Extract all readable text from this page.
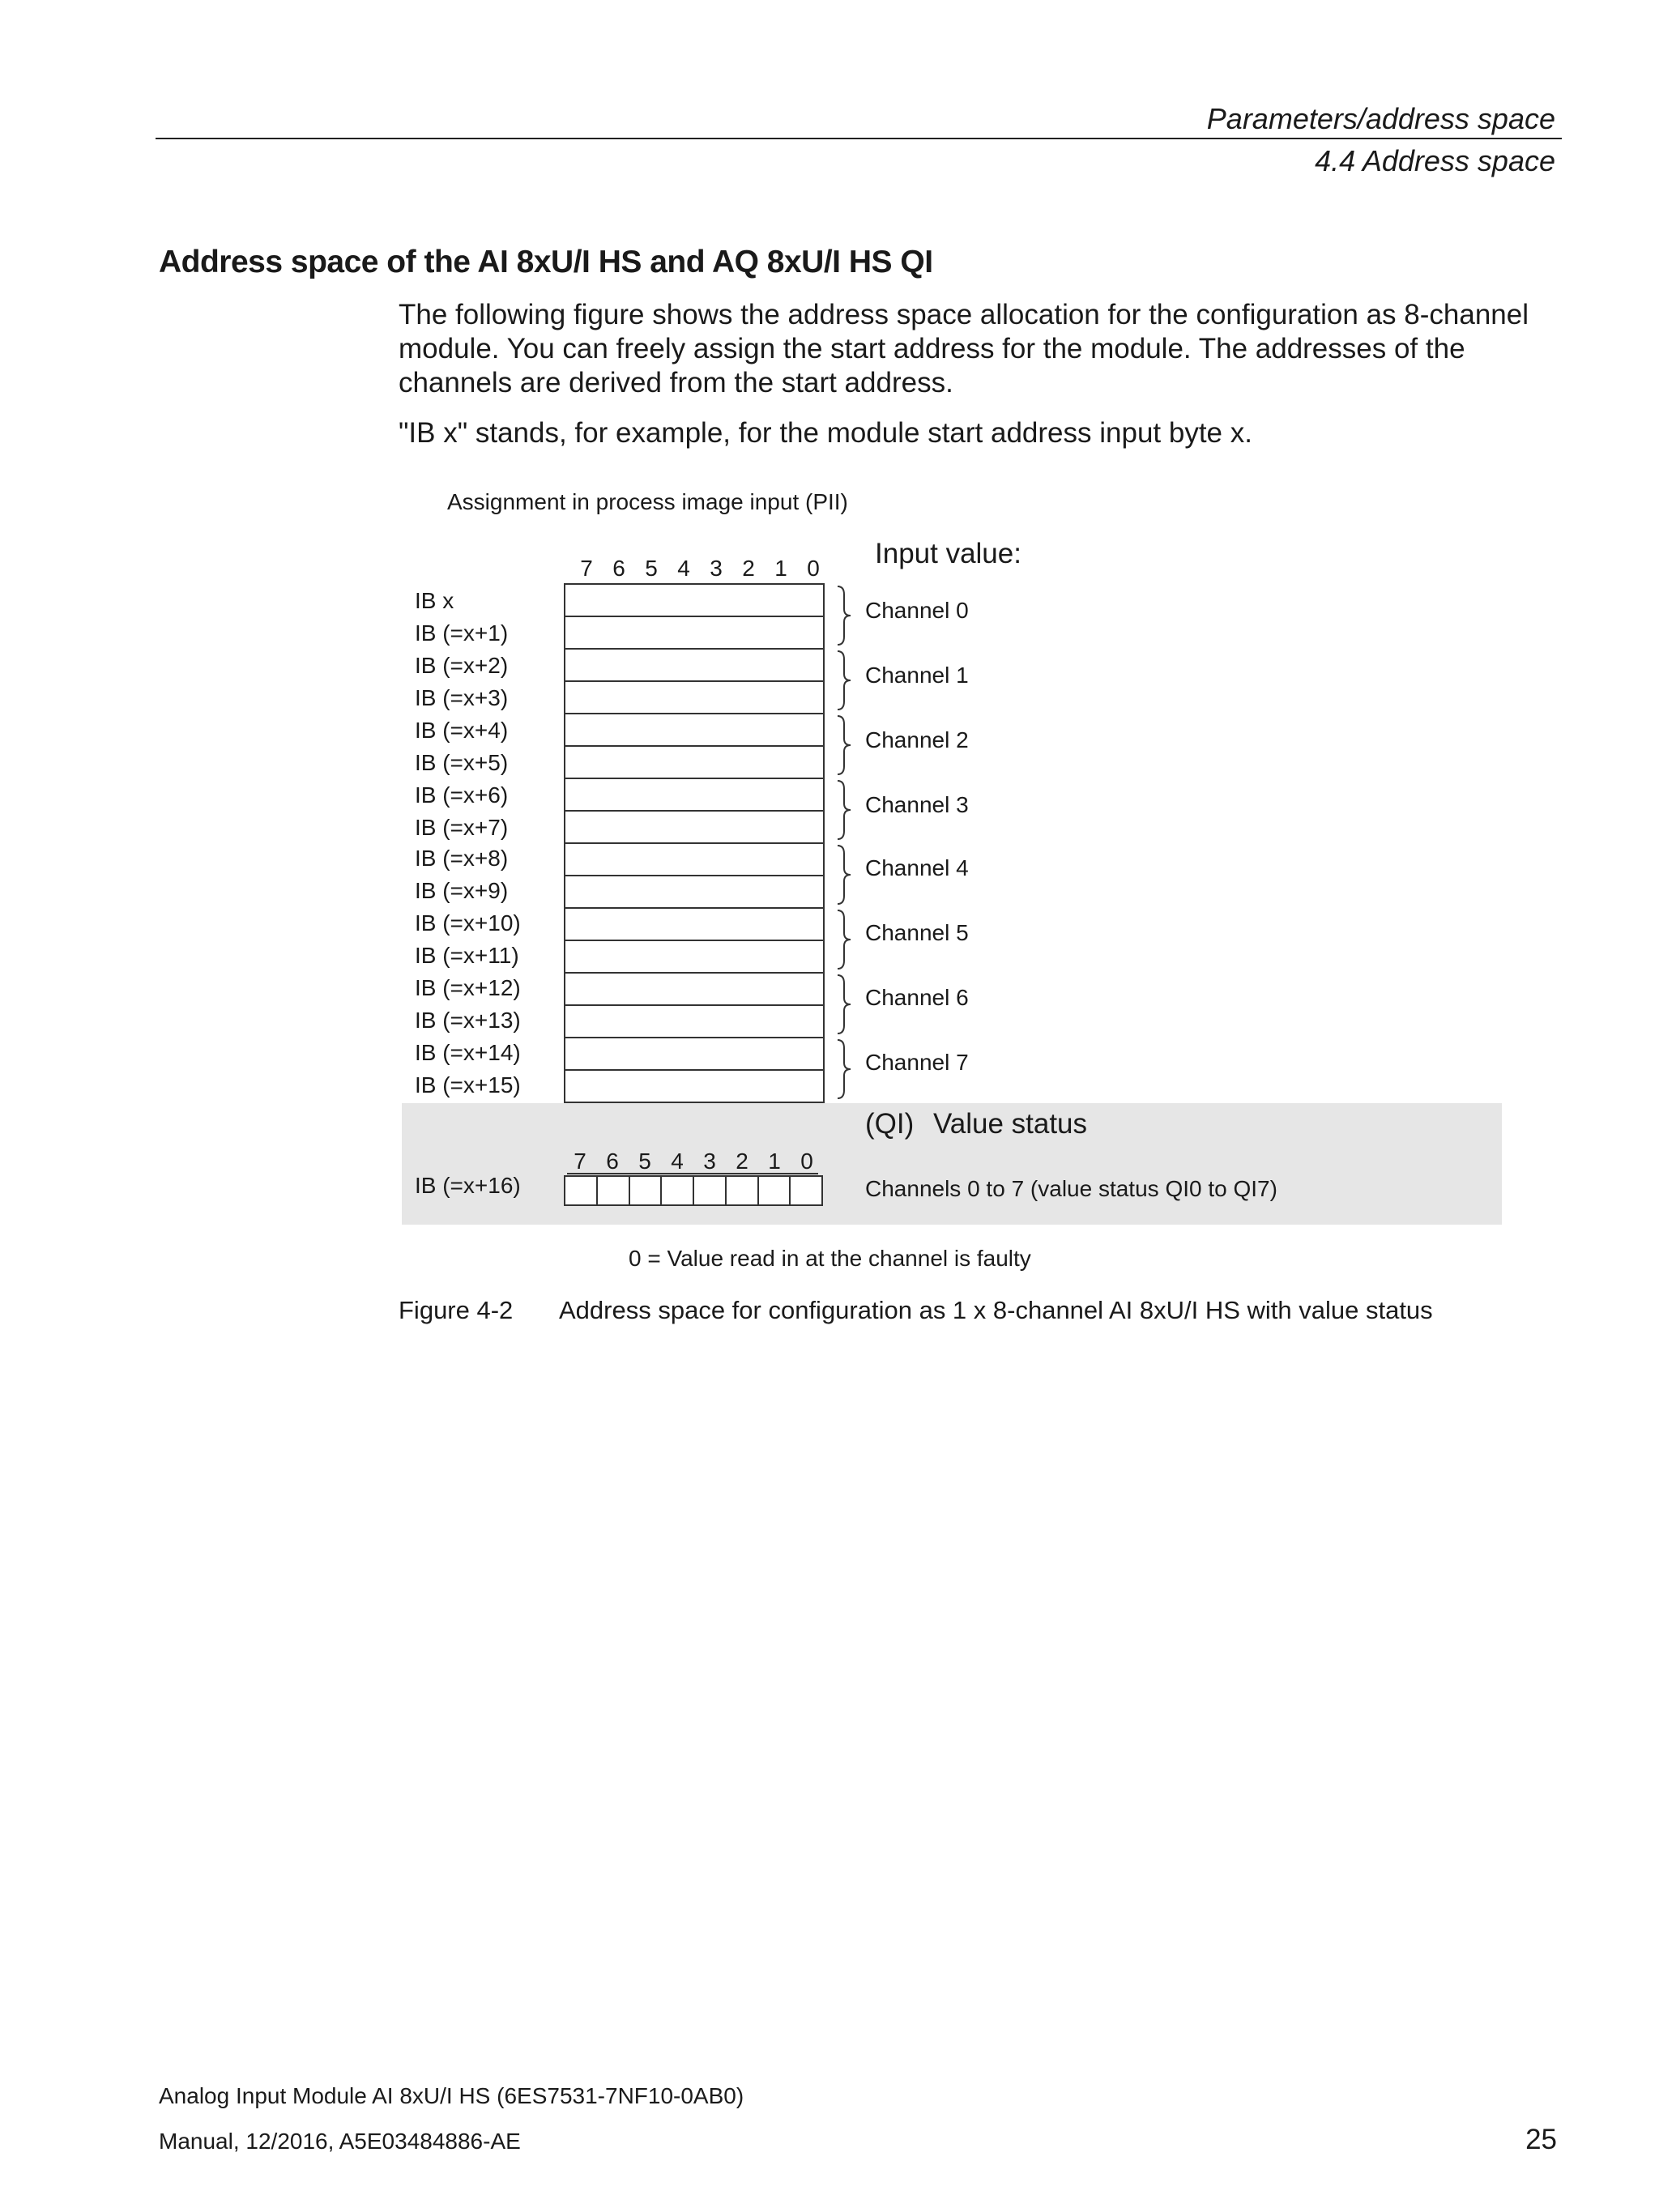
Parameters/address space
4.4 Address space
Address space of the AI 8xU/I HS and AQ 8xU/I HS QI
The following figure shows the address space allocation for the configuration as 8-channel
module. You can freely assign the start address for the module. The addresses of the
channels are derived from the start address.
"IB x" stands, for example, for the module start address input byte x.
Assignment in process image input (PII)
Input value:
7 6 5 4 3 2 1 0
IB x
IB (=x+1)
IB (=x+2)
IB (=x+3)
IB (=x+4)
IB (=x+5)
IB (=x+6)
IB (=x+7)
IB (=x+8)
IB (=x+9)
IB (=x+10)
IB (=x+11)
IB (=x+12)
IB (=x+13)
IB (=x+14)
IB (=x+15)
Channel 0
Channel 1
Channel 2
Channel 3
Channel 4
Channel 5
Channel 6
Channel 7
(QI) Value status
7 6 5 4 3 2 1 0
IB (=x+16)	Channels 0 to 7 (value status QI0 to QI7)
0 = Value read in at the channel is faulty
Figure 4-2 Address space for configuration as 1 x 8-channel AI 8xU/I HS with value status
Analog Input Module AI 8xU/I HS (6ES7531-7NF10-0AB0)
Manual, 12/2016, A5E03484886-AE	25
